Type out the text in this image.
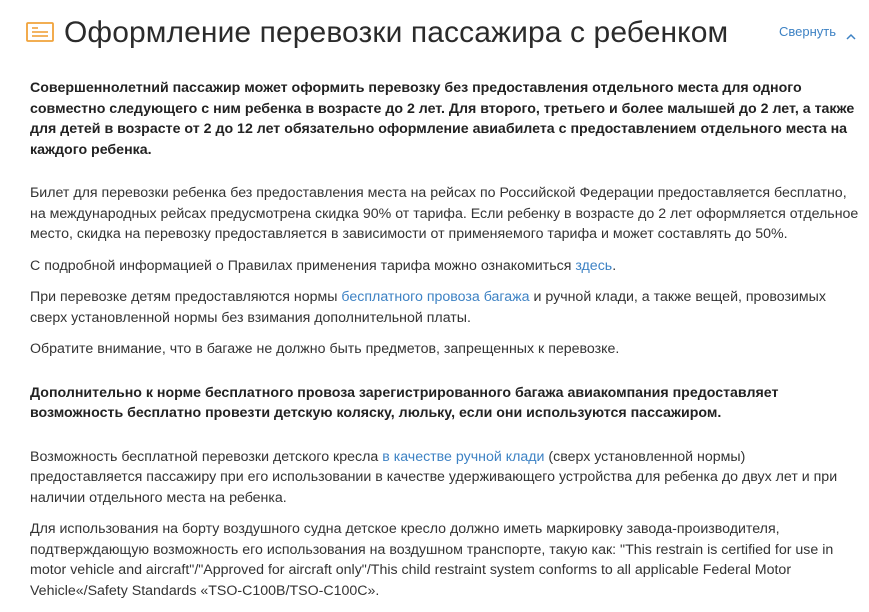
Оформление перевозки пассажира с ребенком	Свернуть

Совершеннолетний пассажир может оформить перевозку без предоставления отдельного места для одного совместно следующего с ним ребенка в возрасте до 2 лет. Для второго, третьего и более малышей до 2 лет, а также для детей в возрасте от 2 до 12 лет обязательно оформление авиабилета с предоставлением отдельного места на каждого ребенка.

Билет для перевозки ребенка без предоставления места на рейсах по Российской Федерации предоставляется бесплатно, на международных рейсах предусмотрена скидка 90% от тарифа. Если ребенку в возрасте до 2 лет оформляется отдельное место, скидка на перевозку предоставляется в зависимости от применяемого тарифа и может составлять до 50%.

С подробной информацией о Правилах применения тарифа можно ознакомиться здесь.

При перевозке детям предоставляются нормы бесплатного провоза багажа и ручной клади, а также вещей, провозимых сверх установленной нормы без взимания дополнительной платы.

Обратите внимание, что в багаже не должно быть предметов, запрещенных к перевозке.

Дополнительно к норме бесплатного провоза зарегистрированного багажа авиакомпания предоставляет возможность бесплатно провезти детскую коляску, люльку, если они используются пассажиром.

Возможность бесплатной перевозки детского кресла в качестве ручной клади (сверх установленной нормы) предоставляется пассажиру при его использовании в качестве удерживающего устройства для ребенка до двух лет и при наличии отдельного места на ребенка.

Для использования на борту воздушного судна детское кресло должно иметь маркировку завода-производителя, подтверждающую возможность его использования на воздушном транспорте, такую как: "This restrain is certified for use in motor vehicle and aircraft"/"Approved for aircraft only"/This child restraint system conforms to all applicable Federal Motor Vehicle«/Safety Standards «TSO-C100B/TSO-C100C».
